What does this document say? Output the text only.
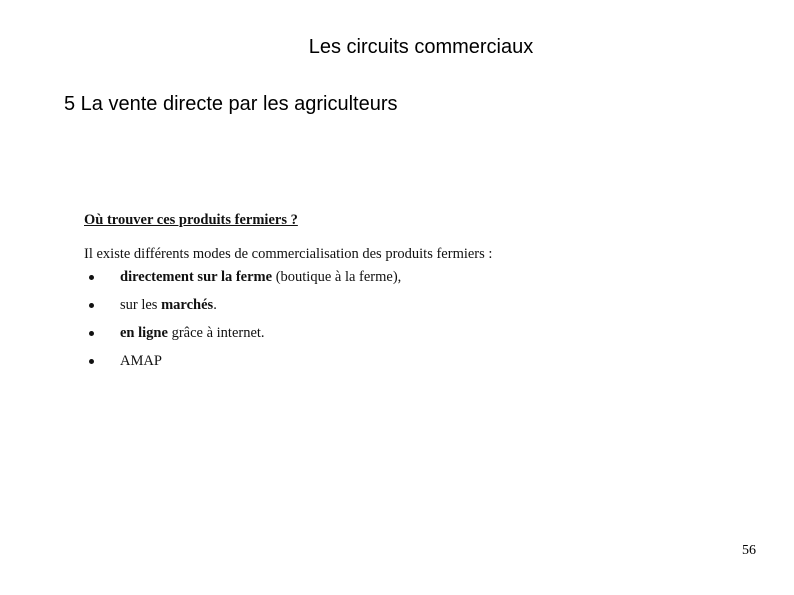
Les circuits commerciaux
5 La vente directe par les agriculteurs
Où trouver ces produits fermiers ?
Il existe différents modes de commercialisation des produits fermiers :
directement sur la ferme (boutique à la ferme),
sur les marchés.
en ligne grâce à internet.
AMAP
56
